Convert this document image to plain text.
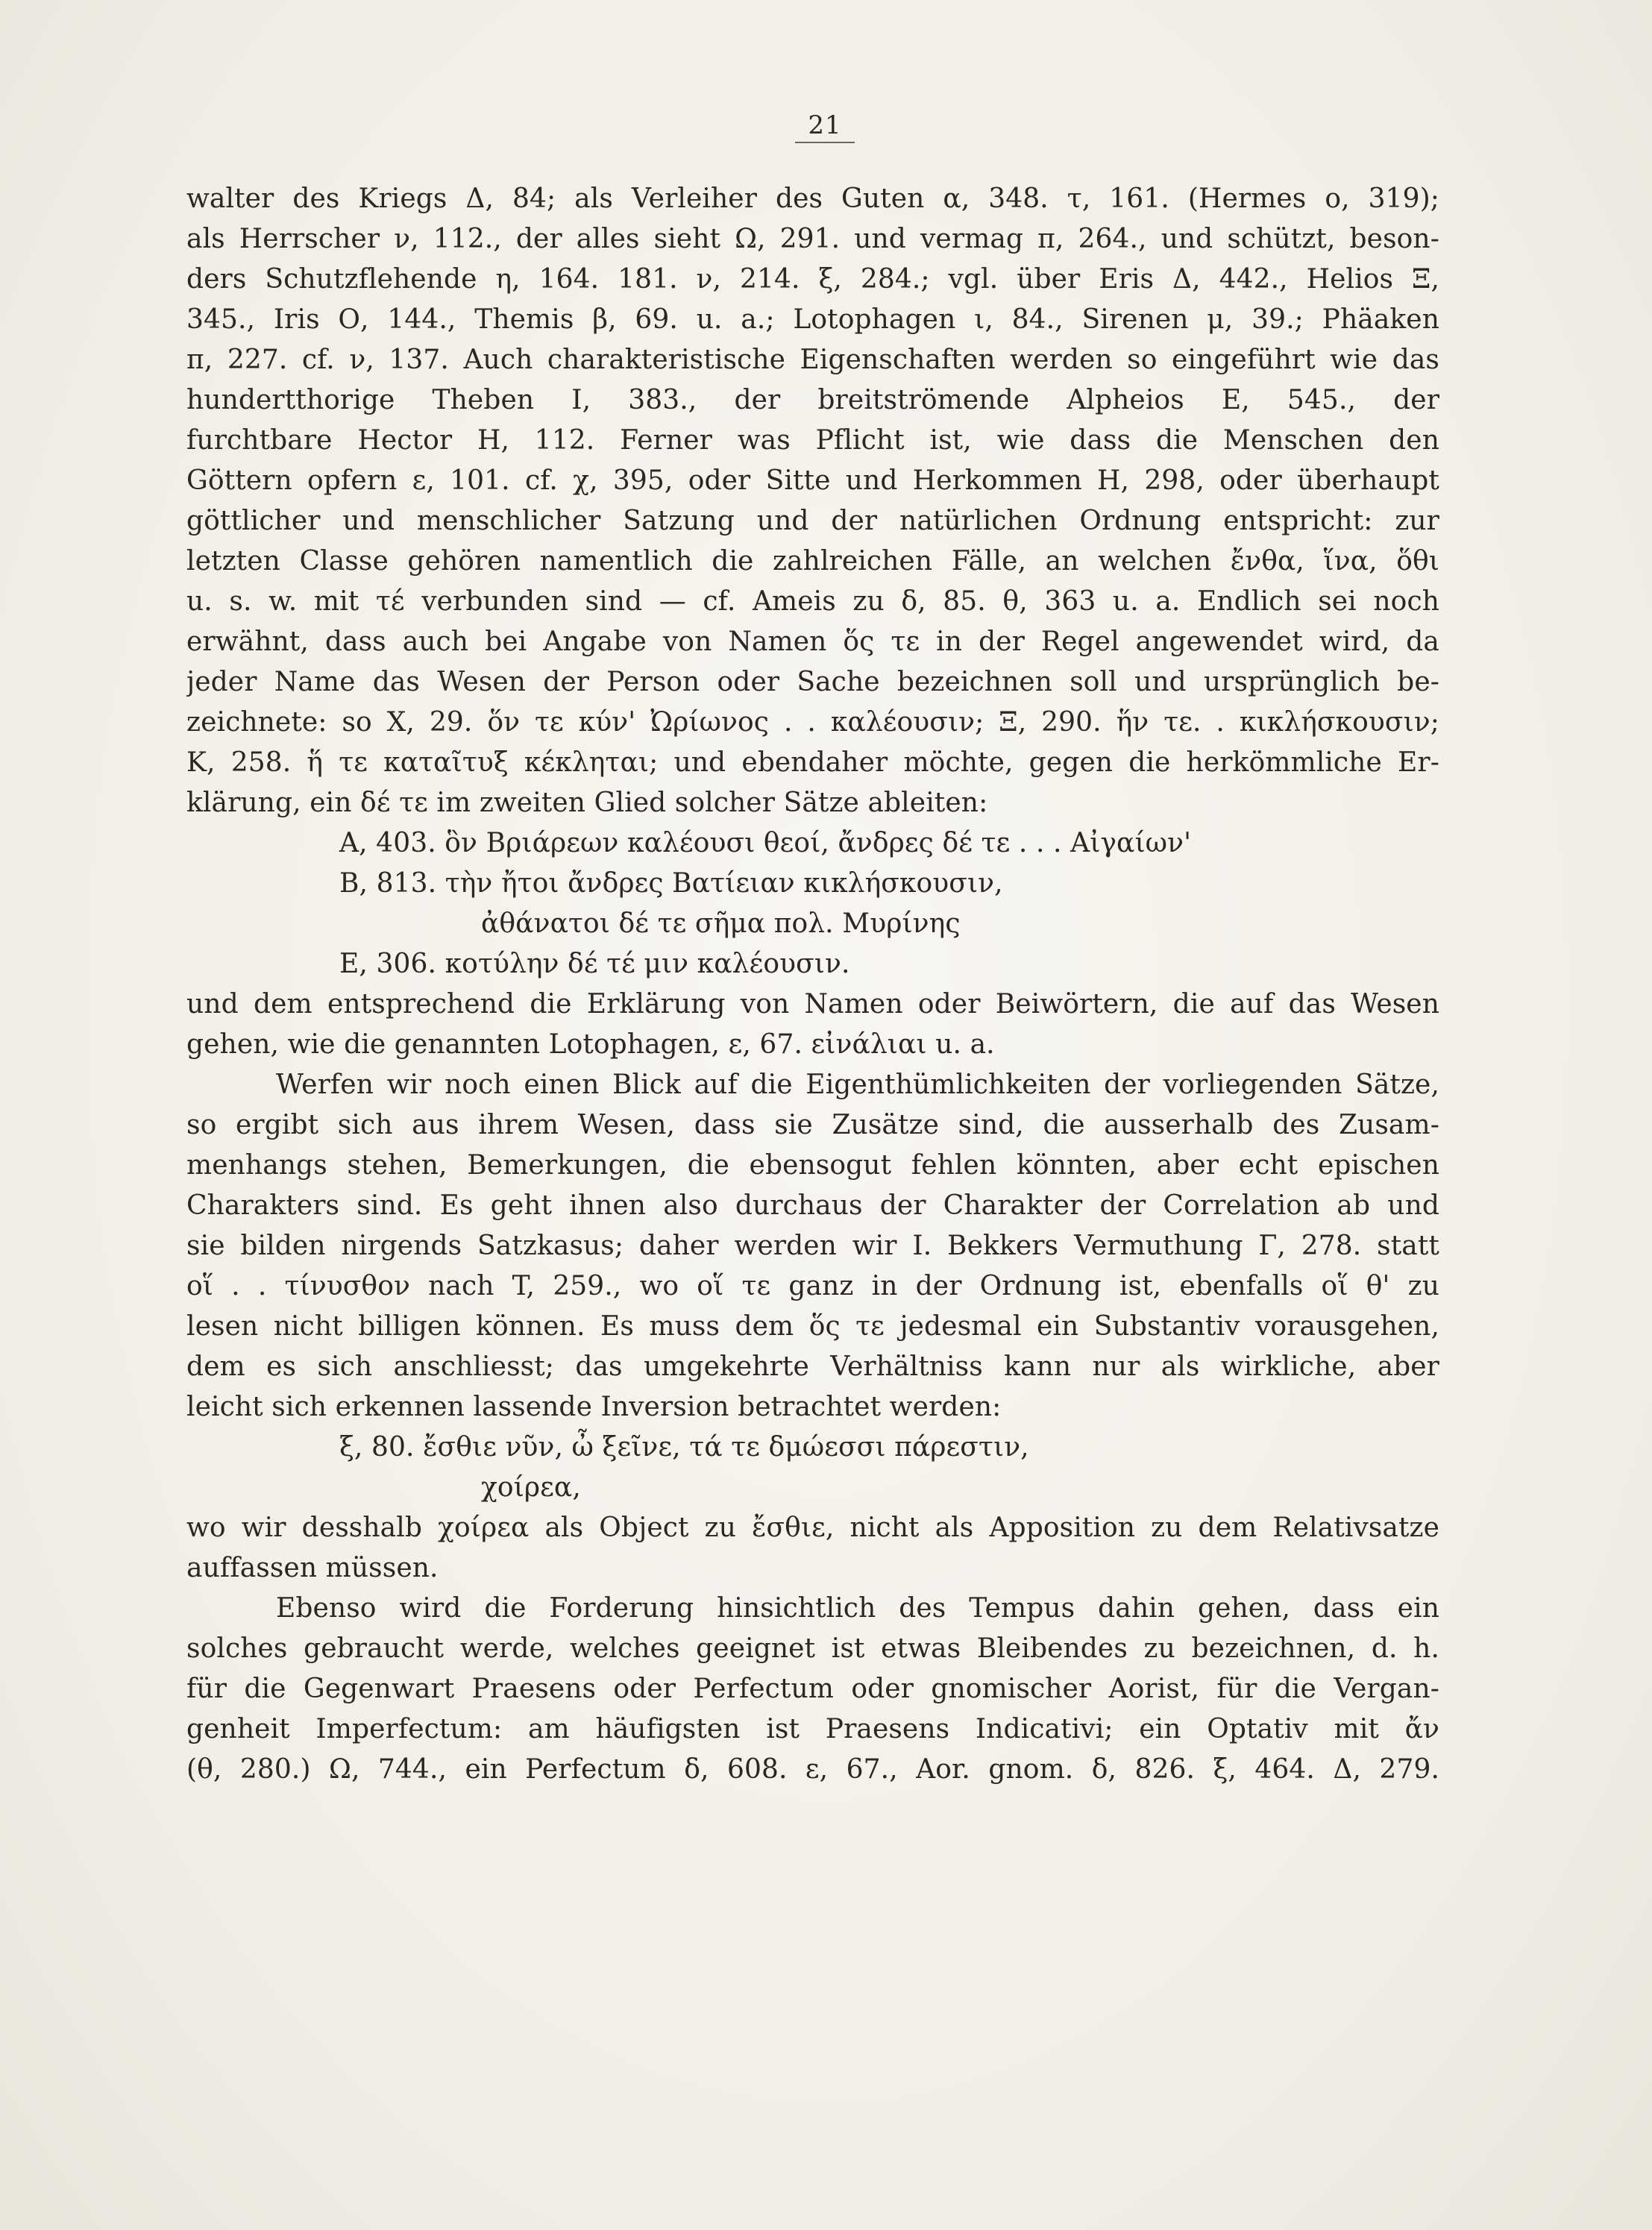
21
walter des Kriegs Δ, 84; als Verleiher des Guten α, 348. τ, 161. (Hermes ο, 319);
als Herrscher ν, 112., der alles sieht Ω, 291. und vermag π, 264., und schützt, beson-
ders Schutzflehende η, 164. 181. ν, 214. ξ, 284.; vgl. über Eris Δ, 442., Helios Ξ,
345., Iris Ο, 144., Themis β, 69. u. a.; Lotophagen ι, 84., Sirenen μ, 39.; Phäaken
π, 227. cf. ν, 137. Auch charakteristische Eigenschaften werden so eingeführt wie das
hundertthorige Theben I, 383., der breitströmende Alpheios E, 545., der
furchtbare Hector H, 112. Ferner was Pflicht ist, wie dass die Menschen den
Göttern opfern ε, 101. cf. χ, 395, oder Sitte und Herkommen H, 298, oder überhaupt
göttlicher und menschlicher Satzung und der natürlichen Ordnung entspricht: zur
letzten Classe gehören namentlich die zahlreichen Fälle, an welchen ἔνθα, ἵνα, ὅθι
u. s. w. mit τέ verbunden sind — cf. Ameis zu δ, 85. θ, 363 u. a. Endlich sei noch
erwähnt, dass auch bei Angabe von Namen ὅς τε in der Regel angewendet wird, da
jeder Name das Wesen der Person oder Sache bezeichnen soll und ursprünglich be-
zeichnete: so X, 29. ὅν τε κύν' Ὠρίωνος . . καλέουσιν; Ξ, 290. ἥν τε. . κικλήσκουσιν;
K, 258. ἥ τε καταῖτυξ κέκληται; und ebendaher möchte, gegen die herkömmliche Er-
klärung, ein δέ τε im zweiten Glied solcher Sätze ableiten:
Α, 403. ὃν Βριάρεων καλέουσι θεοί, ἄνδρες δέ τε . . . Αἰγαίων'
B, 813. τὴν ἤτοι ἄνδρες Βατίειαν κικλήσκουσιν,
ἀθάνατοι δέ τε σῆμα πολ. Μυρίνης
E, 306. κοτύλην δέ τέ μιν καλέουσιν.
und dem entsprechend die Erklärung von Namen oder Beiwörtern, die auf das Wesen
gehen, wie die genannten Lotophagen, ε, 67. εἰνάλιαι u. a.
Werfen wir noch einen Blick auf die Eigenthümlichkeiten der vorliegenden Sätze,
so ergibt sich aus ihrem Wesen, dass sie Zusätze sind, die ausserhalb des Zusam-
menhangs stehen, Bemerkungen, die ebensogut fehlen könnten, aber echt epischen
Charakters sind. Es geht ihnen also durchaus der Charakter der Correlation ab und
sie bilden nirgends Satzkasus; daher werden wir I. Bekkers Vermuthung Γ, 278. statt
οἵ . . τίνυσθον nach T, 259., wo οἵ τε ganz in der Ordnung ist, ebenfalls οἵ θ' zu
lesen nicht billigen können. Es muss dem ὅς τε jedesmal ein Substantiv vorausgehen,
dem es sich anschliesst; das umgekehrte Verhältniss kann nur als wirkliche, aber
leicht sich erkennen lassende Inversion betrachtet werden:
ξ, 80. ἔσθιε νῦν, ὦ ξεῖνε, τά τε δμώεσσι πάρεστιν,
χοίρεα,
wo wir desshalb χοίρεα als Object zu ἔσθιε, nicht als Apposition zu dem Relativsatze
auffassen müssen.
Ebenso wird die Forderung hinsichtlich des Tempus dahin gehen, dass ein
solches gebraucht werde, welches geeignet ist etwas Bleibendes zu bezeichnen, d. h.
für die Gegenwart Praesens oder Perfectum oder gnomischer Aorist, für die Vergan-
genheit Imperfectum: am häufigsten ist Praesens Indicativi; ein Optativ mit ἄν
(θ, 280.) Ω, 744., ein Perfectum δ, 608. ε, 67., Aor. gnom. δ, 826. ξ, 464. Δ, 279.
